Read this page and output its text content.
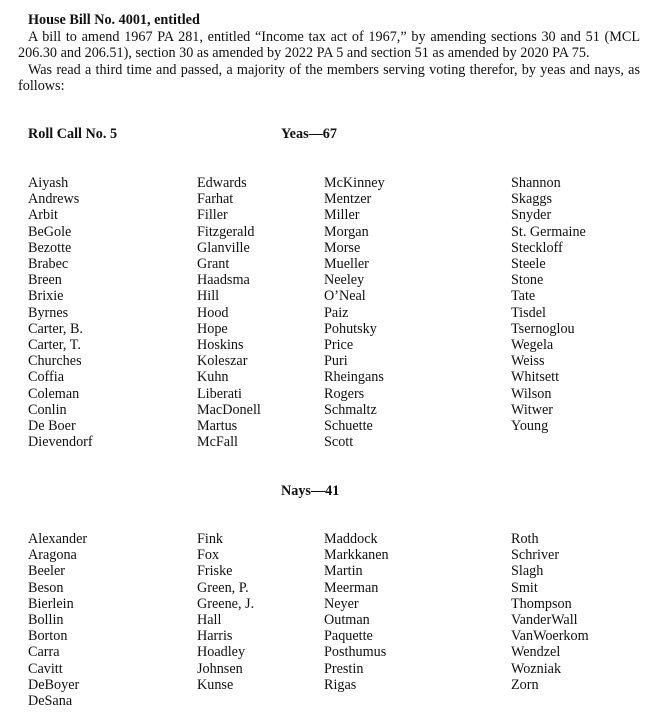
House Bill No. 4001, entitled
A bill to amend 1967 PA 281, entitled “Income tax act of 1967,” by amending sections 30 and 51 (MCL 206.30 and 206.51), section 30 as amended by 2022 PA 5 and section 51 as amended by 2020 PA 75.
Was read a third time and passed, a majority of the members serving voting therefor, by yeas and nays, as follows:
Roll Call No. 5	Yeas—67
Aiyash
Andrews
Arbit
BeGole
Bezotte
Brabec
Breen
Brixie
Byrnes
Carter, B.
Carter, T.
Churches
Coffia
Coleman
Conlin
De Boer
Dievendorf
Edwards
Farhat
Filler
Fitzgerald
Glanville
Grant
Haadsma
Hill
Hood
Hope
Hoskins
Koleszar
Kuhn
Liberati
MacDonell
Martus
McFall
McKinney
Mentzer
Miller
Morgan
Morse
Mueller
Neeley
O’Neal
Paiz
Pohutsky
Price
Puri
Rheingans
Rogers
Schmaltz
Schuette
Scott
Shannon
Skaggs
Snyder
St. Germaine
Steckloff
Steele
Stone
Tate
Tisdel
Tsernoglou
Wegela
Weiss
Whitsett
Wilson
Witwer
Young
Nays—41
Alexander
Aragona
Beeler
Beson
Bierlein
Bollin
Borton
Carra
Cavitt
DeBoyer
DeSana
Fink
Fox
Friske
Green, P.
Greene, J.
Hall
Harris
Hoadley
Johnsen
Kunse
Maddock
Markkanen
Martin
Meerman
Neyer
Outman
Paquette
Posthumus
Prestin
Rigas
Roth
Schriver
Slagh
Smit
Thompson
VanderWall
VanWoerkom
Wendzel
Wozniak
Zorn
